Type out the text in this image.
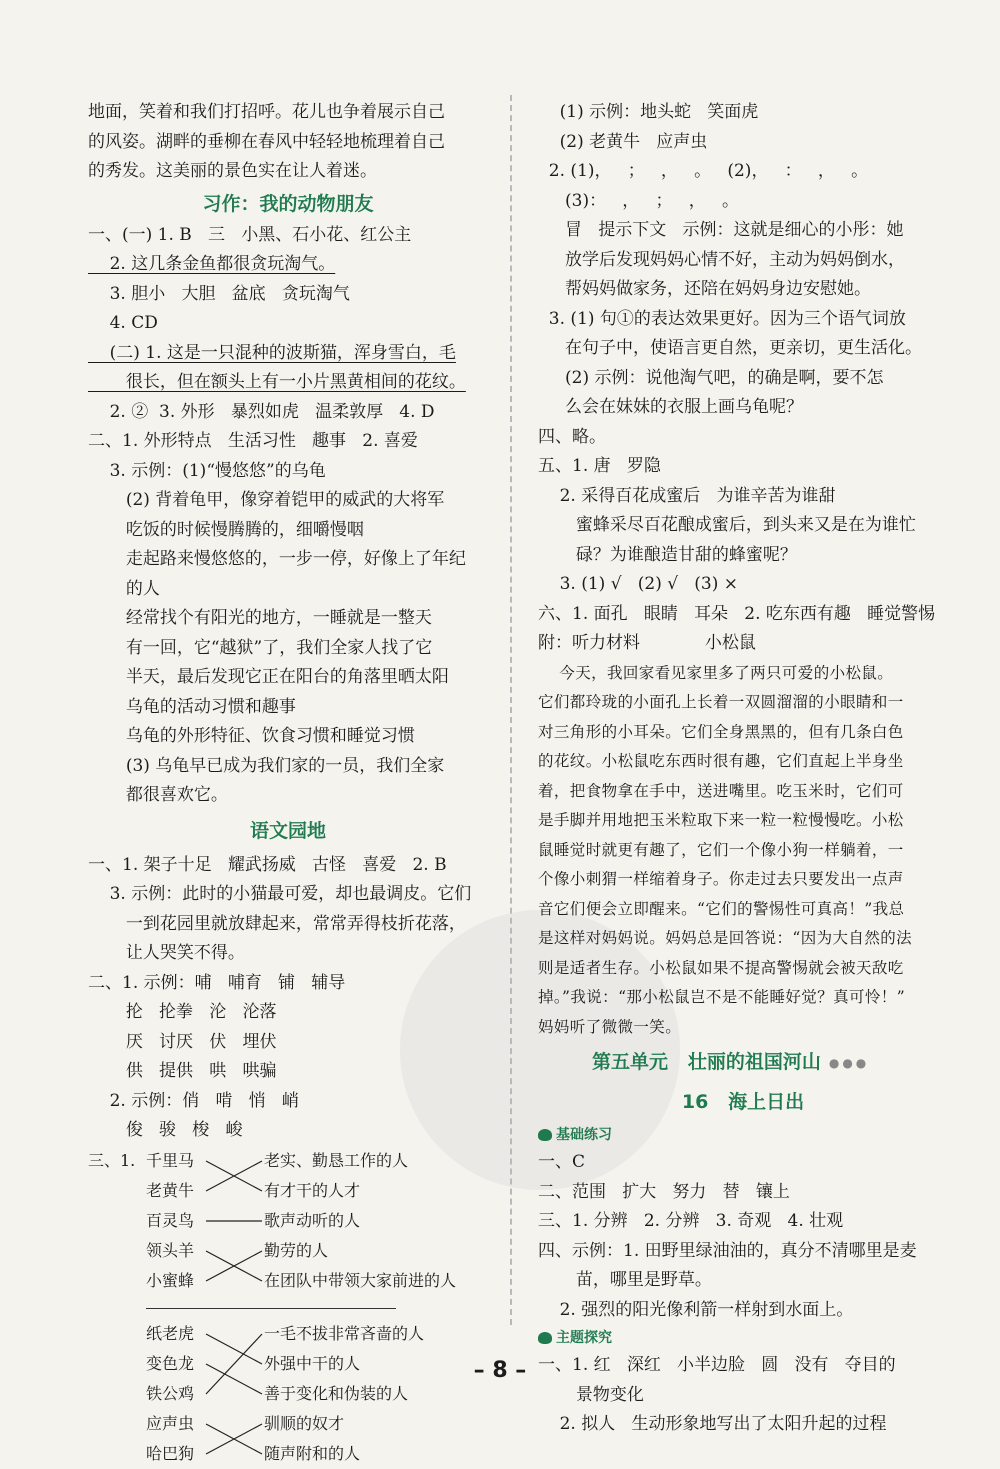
地面，笑着和我们打招呼。花儿也争着展示自己
的风姿。湖畔的垂柳在春风中轻轻地梳理着自己
的秀发。这美丽的景色实在让人着迷。
习作：我的动物朋友
一、(一) 1. B   三   小黑、石小花、红公主
2. 这几条金鱼都很贪玩淘气。
3. 胆小   大胆   盆底   贪玩淘气
4. CD
(二) 1. 这是一只混种的波斯猫，浑身雪白，毛
很长，但在额头上有一小片黑黄相间的花纹。
2. ②  3. 外形   暴烈如虎   温柔敦厚   4. D
二、1. 外形特点   生活习性   趣事   2. 喜爱
3. 示例：(1)“慢悠悠”的乌龟
(2) 背着龟甲，像穿着铠甲的威武的大将军
吃饭的时候慢腾腾的，细嚼慢咽
走起路来慢悠悠的，一步一停，好像上了年纪
的人
经常找个有阳光的地方，一睡就是一整天
有一回，它“越狱”了，我们全家人找了它
半天，最后发现它正在阳台的角落里晒太阳
乌龟的活动习惯和趣事
乌龟的外形特征、饮食习惯和睡觉习惯
(3) 乌龟早已成为我们家的一员，我们全家
都很喜欢它。
语文园地
一、1. 架子十足   耀武扬威   古怪   喜爱   2. B
3. 示例：此时的小猫最可爱，却也最调皮。它们
一到花园里就放肆起来，常常弄得枝折花落，
让人哭笑不得。
二、1. 示例：哺   哺育   铺   辅导
抡   抡拳   沦   沦落
厌   讨厌   伏   埋伏
供   提供   哄   哄骗
2. 示例：俏   啃   悄   峭
俊   骏   梭   峻
三、1. 千里马	老实、勤恳工作的人
老黄牛	有才干的人才
百灵鸟	歌声动听的人
领头羊	勤劳的人
小蜜蜂	在团队中带领大家前进的人
纸老虎	一毛不拔非常吝啬的人
变色龙	外强中干的人
铁公鸡	善于变化和伪装的人
应声虫	驯顺的奴才
哈巴狗	随声附和的人
(1) 示例：地头蛇   笑面虎
(2) 老黄牛   应声虫
2. (1)，   ；   ，   。   (2)，   ：   ，   。
(3)：   ，   ；   ，   。
冒   提示下文   示例：这就是细心的小彤：她
放学后发现妈妈心情不好，主动为妈妈倒水，
帮妈妈做家务，还陪在妈妈身边安慰她。
3. (1) 句①的表达效果更好。因为三个语气词放
在句子中，使语言更自然，更亲切，更生活化。
(2) 示例：说他淘气吧，的确是啊，要不怎
么会在妹妹的衣服上画乌龟呢？
四、略。
五、1. 唐   罗隐
2. 采得百花成蜜后   为谁辛苦为谁甜
蜜蜂采尽百花酿成蜜后，到头来又是在为谁忙
碌？为谁酿造甘甜的蜂蜜呢？
3. (1) √   (2) √   (3) ×
六、1. 面孔   眼睛   耳朵   2. 吃东西有趣   睡觉警惕
附：听力材料            小松鼠
今天，我回家看见家里多了两只可爱的小松鼠。
它们都玲珑的小面孔上长着一双圆溜溜的小眼睛和一
对三角形的小耳朵。它们全身黑黑的，但有几条白色
的花纹。小松鼠吃东西时很有趣，它们直起上半身坐
着，把食物拿在手中，送进嘴里。吃玉米时，它们可
是手脚并用地把玉米粒取下来一粒一粒慢慢吃。小松
鼠睡觉时就更有趣了，它们一个像小狗一样躺着，一
个像小刺猬一样缩着身子。你走过去只要发出一点声
音它们便会立即醒来。“它们的警惕性可真高！”我总
是这样对妈妈说。妈妈总是回答说：“因为大自然的法
则是适者生存。小松鼠如果不提高警惕就会被天敌吃
掉。”我说：“那小松鼠岂不是不能睡好觉？真可怜！”
妈妈听了微微一笑。
第五单元   壮丽的祖国河山 ●●●
16   海上日出
基础练习
一、C
二、范围   扩大   努力   替   镶上
三、1. 分辨   2. 分辨   3. 奇观   4. 壮观
四、示例：1. 田野里绿油油的，真分不清哪里是麦
苗，哪里是野草。
2. 强烈的阳光像利箭一样射到水面上。
主题探究
一、1. 红   深红   小半边脸   圆   没有   夺目的
景物变化
2. 拟人   生动形象地写出了太阳升起的过程
– 8 –
